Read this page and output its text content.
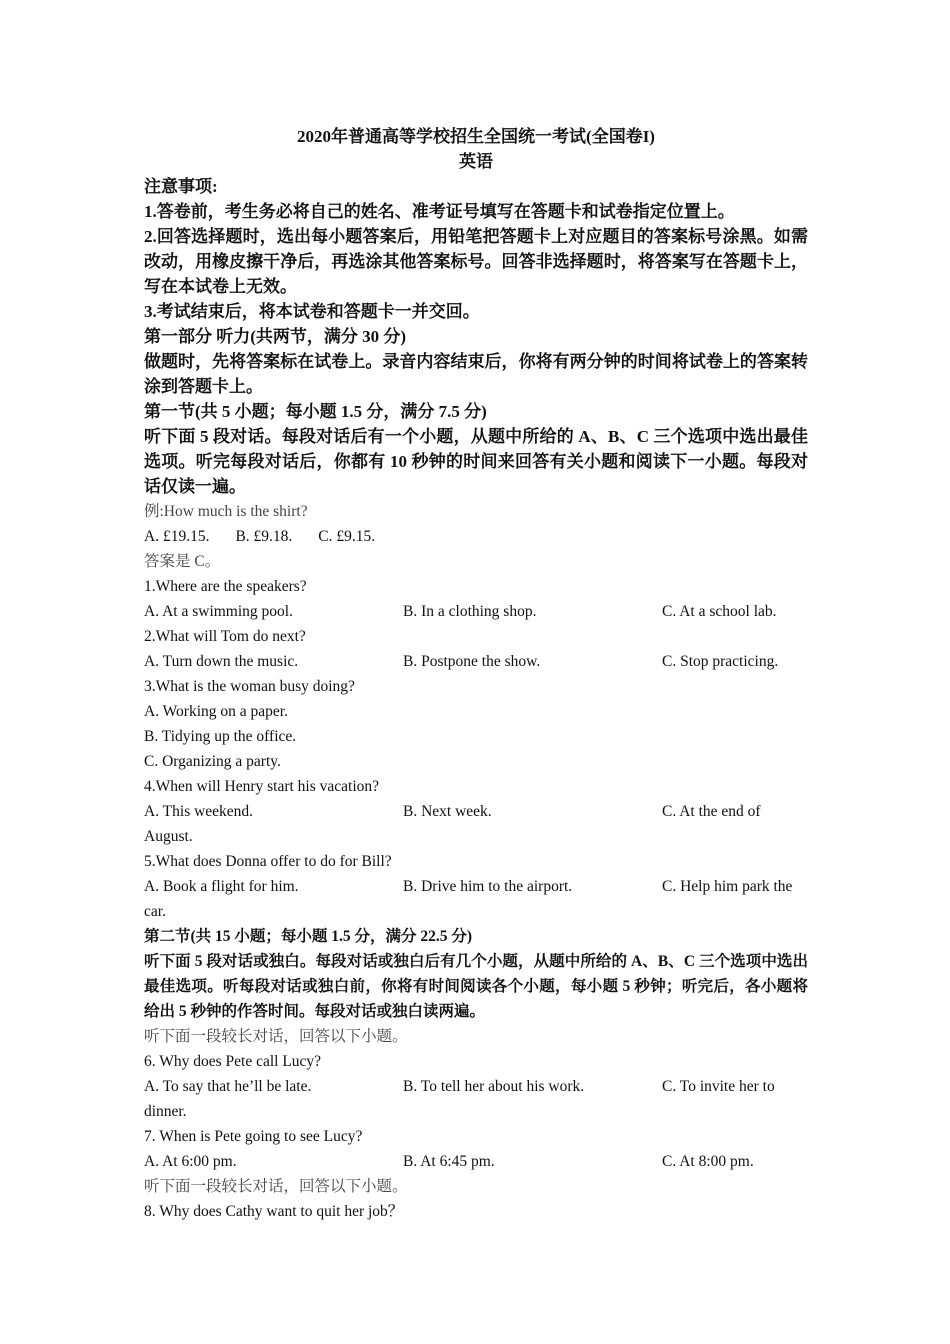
2020年普通高等学校招生全国统一考试(全国卷I)
英语
注意事项:
1.答卷前，考生务必将自己的姓名、准考证号填写在答题卡和试卷指定位置上。
2.回答选择题时，选出每小题答案后，用铅笔把答题卡上对应题目的答案标号涂黑。如需改动，用橡皮擦干净后，再选涂其他答案标号。回答非选择题时，将答案写在答题卡上，写在本试卷上无效。
3.考试结束后，将本试卷和答题卡一并交回。
第一部分 听力(共两节，满分 30 分)
做题时，先将答案标在试卷上。录音内容结束后，你将有两分钟的时间将试卷上的答案转涂到答题卡上。
第一节(共 5 小题；每小题 1.5 分，满分 7.5 分)
听下面 5 段对话。每段对话后有一个小题，从题中所给的 A、B、C 三个选项中选出最佳选项。听完每段对话后，你都有 10 秒钟的时间来回答有关小题和阅读下一小题。每段对话仅读一遍。
例:How much is the shirt?
A. £19.15. B. £9.18. C. £9.15.
答案是 C。
1.Where are the speakers?
A. At a swimming pool.	B. In a clothing shop.	C. At a school lab.
2.What will Tom do next?
A. Turn down the music.	B. Postpone the show.	C. Stop practicing.
3.What is the woman busy doing?
A. Working on a paper.
B. Tidying up the office.
C. Organizing a party.
4.When will Henry start his vacation?
A. This weekend.	B. Next week.	C. At the end of
August.
5.What does Donna offer to do for Bill?
A. Book a flight for him.	B. Drive him to the airport.	C. Help him park the
car.
第二节(共 15 小题；每小题 1.5 分，满分 22.5 分)
听下面 5 段对话或独白。每段对话或独白后有几个小题，从题中所给的 A、B、C 三个选项中选出最佳选项。听每段对话或独白前，你将有时间阅读各个小题，每小题 5 秒钟；听完后，各小题将给出 5 秒钟的作答时间。每段对话或独白读两遍。
听下面一段较长对话，回答以下小题。
6. Why does Pete call Lucy?
A. To say that he’ll be late.	B. To tell her about his work.	C. To invite her to
dinner.
7. When is Pete going to see Lucy?
A. At 6:00 pm.	B. At 6:45 pm.	C. At 8:00 pm.
听下面一段较长对话，回答以下小题。
8. Why does Cathy want to quit her job？
